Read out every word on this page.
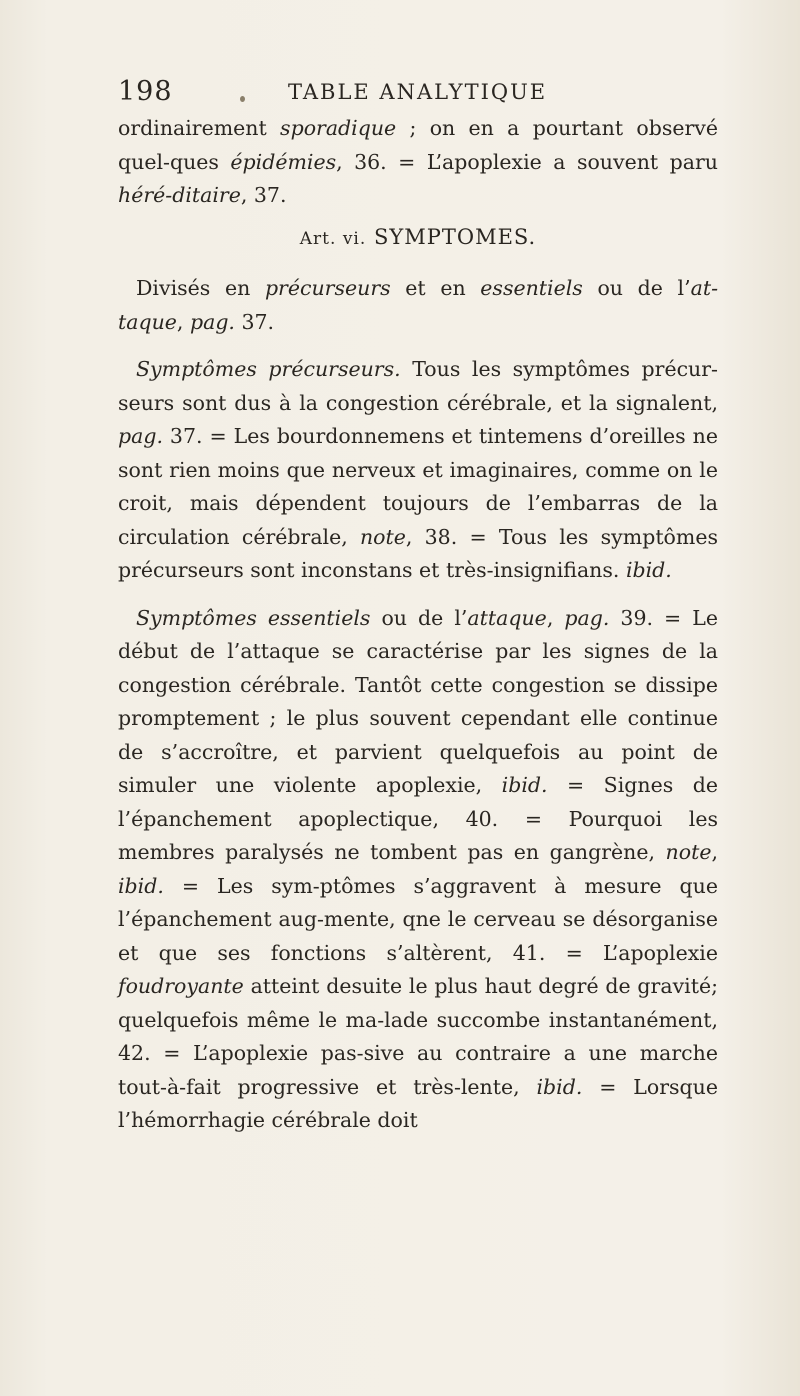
198	TABLE ANALYTIQUE

ordinairement sporadique ; on en a pourtant observé quel-ques épidémies, 36. = L’apoplexie a souvent paru héré-ditaire, 37.

Art. vi. SYMPTOMES.

Divisés en précurseurs et en essentiels ou de l’at-taque, pag. 37.

Symptômes précurseurs. Tous les symptômes précur-seurs sont dus à la congestion cérébrale, et la signalent, pag. 37. = Les bourdonnemens et tintemens d’oreilles ne sont rien moins que nerveux et imaginaires, comme on le croit, mais dépendent toujours de l’embarras de la circulation cérébrale, note, 38. = Tous les symptômes précurseurs sont inconstans et très-insignifians. ibid.

Symptômes essentiels ou de l’attaque, pag. 39. = Le début de l’attaque se caractérise par les signes de la congestion cérébrale. Tantôt cette congestion se dissipe promptement ; le plus souvent cependant elle continue de s’accroître, et parvient quelquefois au point de simuler une violente apoplexie, ibid. = Signes de l’épanchement apoplectique, 40. = Pourquoi les membres paralysés ne tombent pas en gangrène, note, ibid. = Les sym-ptômes s’aggravent à mesure que l’épanchement aug-mente, qne le cerveau se désorganise et que ses fonctions s’altèrent, 41. = L’apoplexie foudroyante atteint desuite le plus haut degré de gravité; quelquefois même le ma-lade succombe instantanément, 42. = L’apoplexie pas-sive au contraire a une marche tout-à-fait progressive et très-lente, ibid. = Lorsque l’hémorrhagie cérébrale doit
